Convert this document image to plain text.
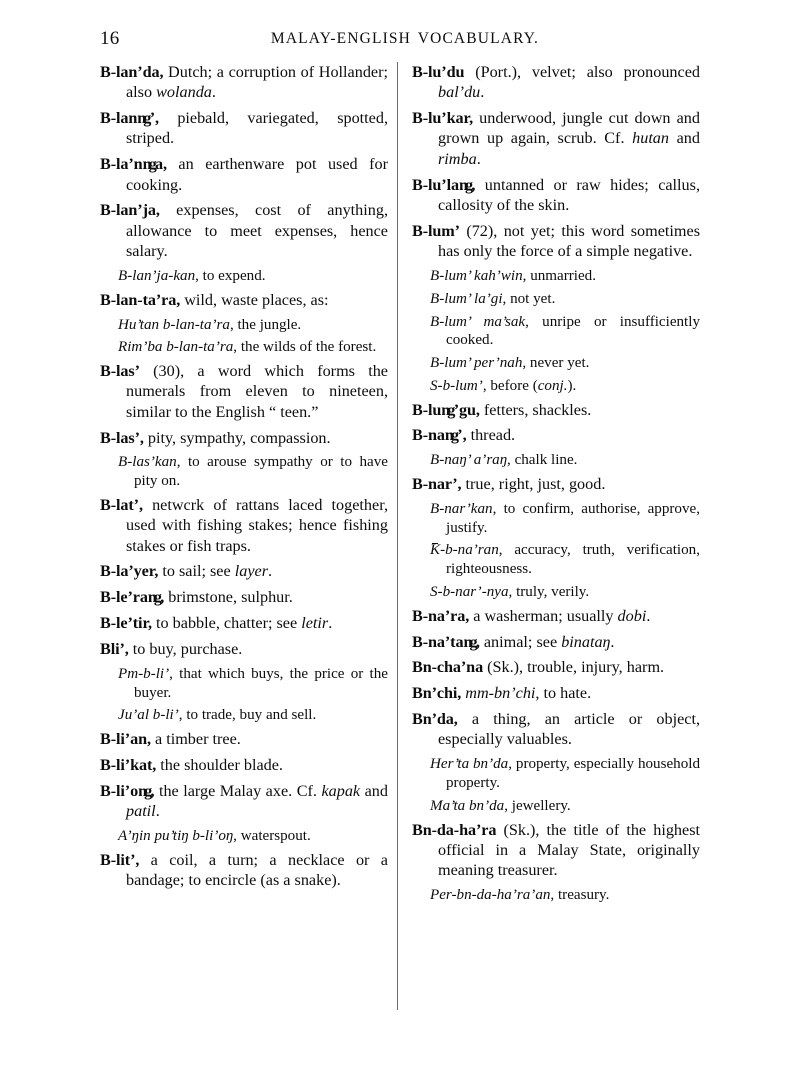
16	MALAY-ENGLISH VOCABULARY.

B-lan’da, Dutch; a corruption of Hollander; also wolanda.

B-lanng’, piebald, variegated, spotted, striped.

B-la’nnga, an earthenware pot used for cooking.

B-lan’ja, expenses, cost of anything, allowance to meet expenses, hence salary.

B-lan’ja-kan, to expend.

B-lan-ta’ra, wild, waste places, as:

Hu’tan b-lan-ta’ra, the jungle.

Rim’ba b-lan-ta’ra, the wilds of the forest.

B-las’ (30), a word which forms the numerals from eleven to nineteen, similar to the English “ teen.”

B-las’, pity, sympathy, compassion.

B-las’kan, to arouse sympathy or to have pity on.

B-lat’, netwcrk of rattans laced together, used with fishing stakes; hence fishing stakes or fish traps.

B-la’yer, to sail; see layer.

B-le’rang, brimstone, sulphur.

B-le’tir, to babble, chatter; see letir.

Bli’, to buy, purchase.

Pm-b-li’, that which buys, the price or the buyer.

Ju’al b-li’, to trade, buy and sell.

B-li’an, a timber tree.

B-li’kat, the shoulder blade.

B-li’ong, the large Malay axe. Cf. kapak and patil.

A’ŋin pu’tiŋ b-li’oŋ, waterspout.

B-lit’, a coil, a turn; a necklace or a bandage; to encircle (as a snake).

B-lu’du (Port.), velvet; also pronounced bal’du.

B-lu’kar, underwood, jungle cut down and grown up again, scrub. Cf. hutan and rimba.

B-lu’lang, untanned or raw hides; callus, callosity of the skin.

B-lum’ (72), not yet; this word sometimes has only the force of a simple negative.

B-lum’ kah’win, unmarried.

B-lum’ la’gi, not yet.

B-lum’ ma’sak, unripe or insufficiently cooked.

B-lum’ per’nah, never yet.

S-b-lum’, before (conj.).

B-lung’gu, fetters, shackles.

B-nang’, thread.

B-naŋ’ a’raŋ, chalk line.

B-nar’, true, right, just, good.

B-nar’kan, to confirm, authorise, approve, justify.

K-b-na’ran, accuracy, truth, verification, righteousness.

S-b-nar’-nya, truly, verily.

B-na’ra, a washerman; usually dobi.

B-na’tang, animal; see binataŋ.

Bn-cha’na (Sk.), trouble, injury, harm.

Bn’chi, mm-bn’chi, to hate.

Bn’da, a thing, an article or object, especially valuables.

Her’ta bn’da, property, especially household property.

Ma’ta bn’da, jewellery.

Bn-da-ha’ra (Sk.), the title of the highest official in a Malay State, originally meaning treasurer.

Per-bn-da-ha’ra’an, treasury.
